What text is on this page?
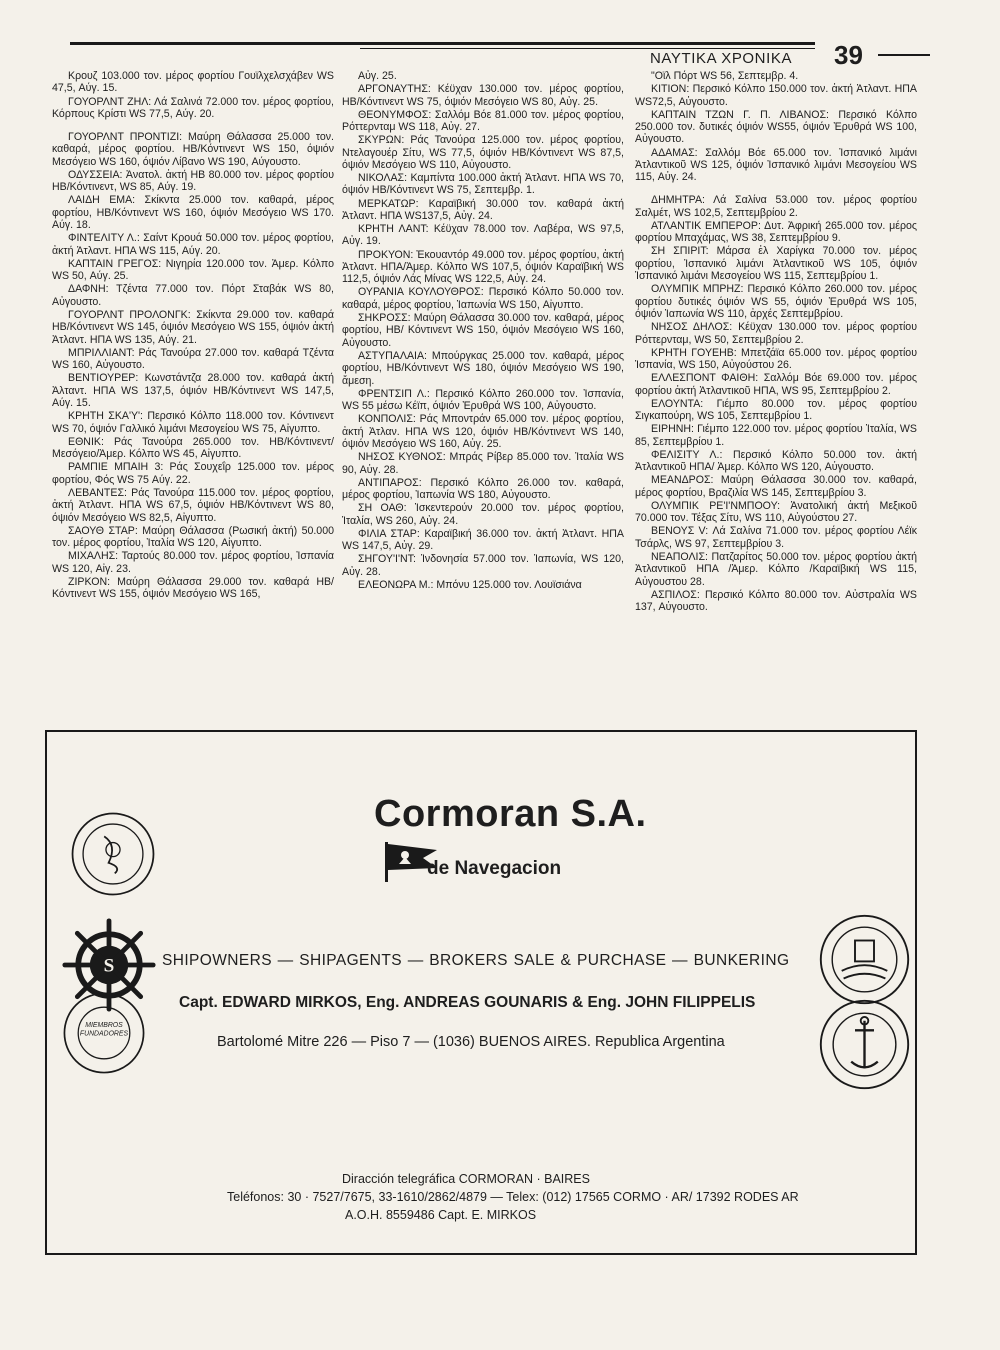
ΝΑΥΤΙΚΑ ΧΡΟΝΙΚΑ 39

Κρουζ 103.000 τον. μέρος φορτίου Γουϊλχελσχάβεν WS 47,5, Αύγ. 15.

ΓΟΥΟΡΛΝΤ ΖΗΛ: Λά Σαλινά 72.000 τον. μέρος φορτίου, Κόρπους Κρίστι WS 77,5, Αύγ. 20.

ΓΟΥΟΡΛΝΤ ΠΡΟΝΤΙΖΙ: Μαύρη Θάλασσα 25.000 τον. καθαρά, μέρος φορτίου. ΗΒ/Κόντινεντ WS 150, όψιόν Μεσόγειο WS 160, όψιόν Λίβανο WS 190, Αύγουστο.

ΟΔΥΣΣΕΙΑ: Ἀνατολ. ἀκτή ΗΒ 80.000 τον. μέρος φορτίου ΗΒ/Κόντινεντ, WS 85, Αύγ. 19.

ΛΑΙΔΗ ΕΜΑ: Σκίκντα 25.000 τον. καθαρά, μέρος φορτίου, ΗΒ/Κόντινεντ WS 160, όψιόν Μεσόγειο WS 170. Αύγ. 18.

ΦΙΝΤΕΛΙΤΥ Λ.: Σαίντ Κρουά 50.000 τον. μέρος φορτίου, ἀκτή Ἀτλαντ. ΗΠΑ WS 115, Αύγ. 20.

ΚΑΠΤΑΙΝ ΓΡΕΓΟΣ: Νιγηρία 120.000 τον. Ἀμερ. Κόλπο WS 50, Αύγ. 25.

ΔΑΦΝΗ: Τζέντα 77.000 τον. Πόρτ Σταβάκ WS 80, Αὐγουστο.

ΓΟΥΟΡΛΝΤ ΠΡΟΛΟΝΓΚ: Σκίκντα 29.000 τον. καθαρά ΗΒ/Κόντινεντ WS 145, όψιόν Μεσόγειο WS 155, όψιόν ἀκτή Ἀτλαντ. ΗΠΑ WS 135, Αύγ. 21.

ΜΠΡΙΛΛΙΑΝΤ: Ράς Τανούρα 27.000 τον. καθαρά Τζέντα WS 160, Αὐγουστο.

ΒΕΝΤΙΟΥΡΕΡ: Κωνστάντζα 28.000 τον. καθαρά ἀκτή Ἀλταντ. ΗΠΑ WS 137,5, όψιόν ΗΒ/Κόντινεντ WS 147,5, Αύγ. 15.

ΚΡΗΤΗ ΣΚΑ'Υ': Περσικό Κόλπο 118.000 τον. Κόντινεντ WS 70, όψιόν Γαλλικό λιμάνι Μεσογείου WS 75, Αἰγυπτο.

ΕΘΝΙΚ: Ράς Τανούρα 265.000 τον. ΗΒ/Κόντινεντ/Μεσόγειο/Ἀμερ. Κόλπο WS 45, Αἰγυπτο.

ΡΑΜΠΙΕ ΜΠΑΙΗ 3: Ράς Σουχεΐρ 125.000 τον. μέρος φορτίου, Φός WS 75 Αύγ. 22.

ΛΕΒΑΝΤΕΣ: Ράς Τανούρα 115.000 τον. μέρος φορτίου, ἀκτή Ἀτλαντ. ΗΠΑ WS 67,5, όψιόν ΗΒ/Κόντινεντ WS 80, όψιόν Μεσόγειο WS 82,5, Αἰγυπτο.

ΣΑΟΥΘ ΣΤΑΡ: Μαύρη Θάλασσα (Ρωσική ἀκτή) 50.000 τον. μέρος φορτίου, Ἰταλία WS 120, Αἰγυπτο.

ΜΙΧΑΛΗΣ: Ταρτούς 80.000 τον. μέρος φορτίου, Ἰσπανία WS 120, Αἰγ. 23.

ΖΙΡΚΟΝ: Μαύρη Θάλασσα 29.000 τον. καθαρά ΗΒ/Κόντινεντ WS 155, όψιόν Μεσόγειο WS 165,

Αὐγ. 25.

ΑΡΓΟΝΑΥΤΗΣ: Κέϋχαν 130.000 τον. μέρος φορτίου, ΗΒ/Κόντινεντ WS 75, όψιόν Μεσόγειο WS 80, Αὐγ. 25.

ΘΕΟΝΥΜΦΟΣ: Σαλλόμ Βόε 81.000 τον. μέρος φορτίου, Ρόττερνταμ WS 118, Αὐγ. 27.

ΣΚΥΡΩΝ: Ράς Τανούρα 125.000 τον. μέρος φορτίου, Ντελαγουέρ Σίτυ, WS 77,5, όψιόν ΗΒ/Κόντινεντ WS 87,5, όψιόν Μεσόγειο WS 110, Αὐγουστο.

ΝΙΚΟΛΑΣ: Καμπίντα 100.000 ἀκτή Ἀτλαντ. ΗΠΑ WS 70, όψιόν ΗΒ/Κόντινεντ WS 75, Σεπτεμβρ. 1.

ΜΕΡΚΑΤΩΡ: Καραϊβική 30.000 τον. καθαρά ἀκτή Ἀτλαντ. ΗΠΑ WS137,5, Αὐγ. 24.

ΚΡΗΤΗ ΛΑΝΤ: Κέϋχαν 78.000 τον. Λαβέρα, WS 97,5, Αὐγ. 19.

ΠΡΟΚΥΟΝ: Ἐκουαντόρ 49.000 τον. μέρος φορτίου, ἀκτή Ἀτλαντ. ΗΠΑ/Ἀμερ. Κόλπο WS 107,5, όψιόν Καραϊβική WS 112,5, όψιόν Λάς Μίνας WS 122,5, Αὐγ. 24.

ΟΥΡΑΝΙΑ ΚΟΥΛΟΥΘΡΟΣ: Περσικό Κόλπο 50.000 τον. καθαρά, μέρος φορτίου, Ἰαπωνία WS 150, Αἰγυπτο.

ΣΗΚΡΟΣΣ: Μαύρη Θάλασσα 30.000 τον. καθαρά, μέρος φορτίου, ΗΒ/ Κόντινεντ WS 150, όψιόν Μεσόγειο WS 160, Αὐγουστο.

ΑΣΤΥΠΑΛΑΙΑ: Μπούργκας 25.000 τον. καθαρά, μέρος φορτίου, ΗΒ/Κόντινεντ WS 180, όψιόν Μεσόγειο WS 190, ἄμεση.

ΦΡΕΝΤΣΙΠ Λ.: Περσικό Κόλπο 260.000 τον. Ἰσπανία, WS 55 μέσω Κέϊπ, όψιόν Ἐρυθρά WS 100, Αὐγουστο.

ΚΟΝΠΟΛΙΣ: Ράς Μποντράν 65.000 τον. μέρος φορτίου, ἀκτή Ἀτλαν. ΗΠΑ WS 120, όψιόν ΗΒ/Κόντινεντ WS 140, όψιόν Μεσόγειο WS 160, Αὐγ. 25.

ΝΗΣΟΣ ΚΥΘΝΟΣ: Μπράς Ρίβερ 85.000 τον. Ἰταλία WS 90, Αὐγ. 28.

ΑΝΤΙΠΑΡΟΣ: Περσικό Κόλπο 26.000 τον. καθαρά, μέρος φορτίου, Ἰαπωνία WS 180, Αὐγουστο.

ΣΗ ΟΑΘ: Ἰσκεντερούν 20.000 τον. μέρος φορτίου, Ἰταλία, WS 260, Αὐγ. 24.

ΦΙΛΙΑ ΣΤΑΡ: Καραϊβική 36.000 τον. ἀκτή Ἀτλαντ. ΗΠΑ WS 147,5, Αὐγ. 29.

ΣΗΓΟΥ'Ι'ΝΤ: Ἰνδονησία 57.000 τον. Ἰαπωνία, WS 120, Αὐγ. 28.

ΕΛΕΟΝΩΡΑ Μ.: Μπόνυ 125.000 τον. Λουϊσιάνα

"Οϊλ Πόρτ WS 56, Σεπτεμβρ. 4.

ΚΙΤΙΟΝ: Περσικό Κόλπο 150.000 τον. ἀκτή Ἀτλαντ. ΗΠΑ WS72,5, Αὐγουστο.

ΚΑΠΤΑΙΝ ΤΖΩΝ Γ. Π. ΛΙΒΑΝΟΣ: Περσικό Κόλπο 250.000 τον. δυτικές όψιόν WS55, όψιόν Ἐρυθρά WS 100, Αὐγουστο.

ΑΔΑΜΑΣ: Σαλλόμ Βόε 65.000 τον. Ἰσπανικό λιμάνι Ἀτλαντικοῦ WS 125, όψιόν Ἰσπανικό λιμάνι Μεσογείου WS 115, Αὐγ. 24.

ΔΗΜΗΤΡΑ: Λά Σαλίνα 53.000 τον. μέρος φορτίου Σαλμέτ, WS 102,5, Σεπτεμβρίου 2.

ΑΤΛΑΝΤΙΚ ΕΜΠΕΡΟΡ: Δυτ. Ἀφρική 265.000 τον. μέρος φορτίου Μπαχάμας, WS 38, Σεπτεμβρίου 9.

ΣΗ ΣΠΙΡΙΤ: Μάρσα ἐλ Χαρίγκα 70.000 τον. μέρος φορτίου, Ἰσπανικό λιμάνι Ἀτλαντικοῦ WS 105, όψιόν Ἰσπανικό λιμάνι Μεσογείου WS 115, Σεπτεμβρίου 1.

ΟΛΥΜΠΙΚ ΜΠΡΗΖ: Περσικό Κόλπο 260.000 τον. μέρος φορτίου δυτικές όψιόν WS 55, όψιόν Ἐρυθρά WS 105, όψιόν Ἰαπωνία WS 110, ἀρχές Σεπτεμβρίου.

ΝΗΣΟΣ ΔΗΛΟΣ: Κέϋχαν 130.000 τον. μέρος φορτίου Ρόττερνταμ, WS 50, Σεπτεμβρίου 2.

ΚΡΗΤΗ ΓΟΥΕΗΒ: Μπετζάϊα 65.000 τον. μέρος φορτίου Ἰσπανία, WS 150, Αὐγούστου 26.

ΕΛΛΕΣΠΟΝΤ ΦΑΙΘΗ: Σαλλόμ Βόε 69.000 τον. μέρος φορτίου ἀκτή Ἀτλαντικοῦ ΗΠΑ, WS 95, Σεπτεμβρίου 2.

ΕΛΟΥΝΤΑ: Γιέμπο 80.000 τον. μέρος φορτίου Σιγκαπούρη, WS 105, Σεπτεμβρίου 1.

ΕΙΡΗΝΗ: Γιέμπο 122.000 τον. μέρος φορτίου Ἰταλία, WS 85, Σεπτεμβρίου 1.

ΦΕΛΙΣΙΤΥ Λ.: Περσικό Κόλπο 50.000 τον. ἀκτή Ἀτλαντικοῦ ΗΠΑ/ Ἀμερ. Κόλπο WS 120, Αὐγουστο.

ΜΕΑΝΔΡΟΣ: Μαύρη Θάλασσα 30.000 τον. καθαρά, μέρος φορτίου, Βραζιλία WS 145, Σεπτεμβρίου 3.

ΟΛΥΜΠΙΚ ΡΕ'Ι'ΝΜΠΟΟΥ: Ἀνατολική ἀκτή Μεξικοῦ 70.000 τον. Τέξας Σίτυ, WS 110, Αὐγούστου 27.

ΒΕΝΟΥΣ V: Λά Σαλίνα 71.000 τον. μέρος φορτίου Λέϊκ Τσάρλς, WS 97, Σεπτεμβρίου 3.

ΝΕΑΠΟΛΙΣ: Πατζαρίτος 50.000 τον. μέρος φορτίου ἀκτή Ἀτλαντικοῦ ΗΠΑ /Ἀμερ. Κόλπο /Καραϊβική WS 115, Αὐγουστου 28.

ΑΣΠΙΛΟΣ: Περσικό Κόλπο 80.000 τον. Αὐστραλία WS 137, Αὐγουστο.

Cormoran S.A.
de Navegacion
S
MIEMBROS FUNDADORES
SHIPOWNERS — SHIPAGENTS — BROKERS SALE & PURCHASE — BUNKERING
Capt. EDWARD MIRKOS, Eng. ANDREAS GOUNARIS & Eng. JOHN FILIPPELIS
Bartolomé Mitre 226 — Piso 7 — (1036) BUENOS AIRES. Republica Argentina
Diracción telegráfica CORMORAN · BAIRES
Teléfonos: 30 · 7527/7675, 33-1610/2862/4879 — Telex: (012) 17565 CORMO · AR/ 17392 RODES AR
A.O.H. 8559486 Capt. E. MIRKOS
